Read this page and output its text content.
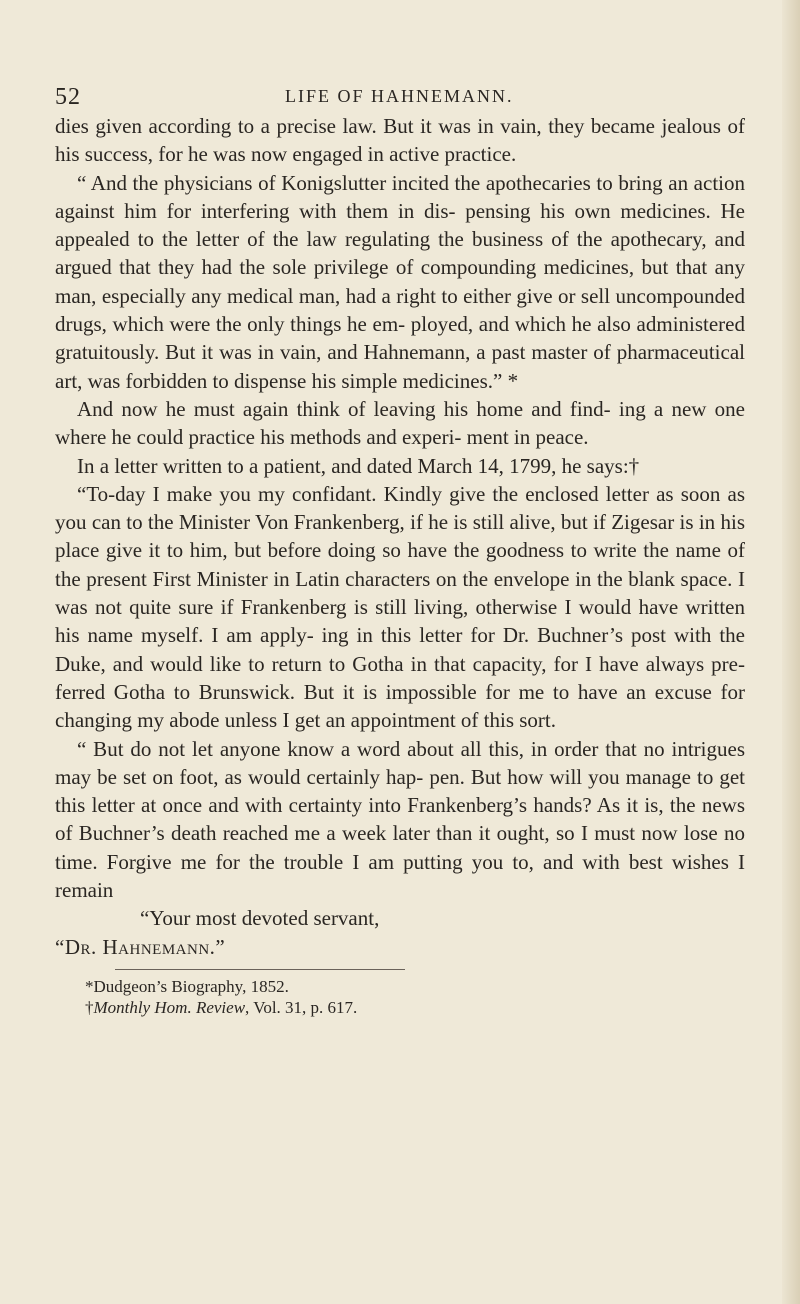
52	LIFE OF HAHNEMANN.

dies given according to a precise law. But it was in vain, they became jealous of his success, for he was now engaged in active practice.

“ And the physicians of Konigslutter incited the apothecaries to bring an action against him for interfering with them in dis- pensing his own medicines. He appealed to the letter of the law regulating the business of the apothecary, and argued that they had the sole privilege of compounding medicines, but that any man, especially any medical man, had a right to either give or sell uncompounded drugs, which were the only things he em- ployed, and which he also administered gratuitously. But it was in vain, and Hahnemann, a past master of pharmaceutical art, was forbidden to dispense his simple medicines.” *

And now he must again think of leaving his home and find- ing a new one where he could practice his methods and experi- ment in peace.

In a letter written to a patient, and dated March 14, 1799, he says:†

“To-day I make you my confidant. Kindly give the enclosed letter as soon as you can to the Minister Von Frankenberg, if he is still alive, but if Zigesar is in his place give it to him, but before doing so have the goodness to write the name of the present First Minister in Latin characters on the envelope in the blank space. I was not quite sure if Frankenberg is still living, otherwise I would have written his name myself. I am apply- ing in this letter for Dr. Buchner’s post with the Duke, and would like to return to Gotha in that capacity, for I have always pre- ferred Gotha to Brunswick. But it is impossible for me to have an excuse for changing my abode unless I get an appointment of this sort.

“ But do not let anyone know a word about all this, in order that no intrigues may be set on foot, as would certainly hap- pen. But how will you manage to get this letter at once and with certainty into Frankenberg’s hands? As it is, the news of Buchner’s death reached me a week later than it ought, so I must now lose no time. Forgive me for the trouble I am putting you to, and with best wishes I remain

“Your most devoted servant,

“Dr. Hahnemann.”

*Dudgeon’s Biography, 1852.

†Monthly Hom. Review, Vol. 31, p. 617.
